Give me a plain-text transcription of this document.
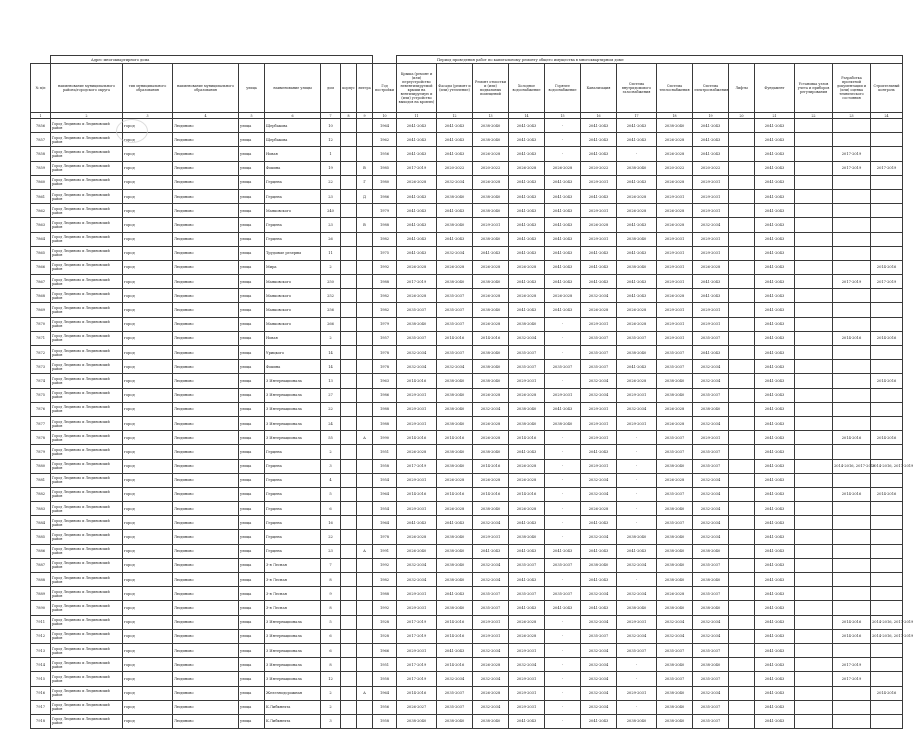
	Адрес многоквартирного дома									Период проведения работ по капитальному ремонту общего имущества в многоквартирном доме													
№ п/п	наименование муниципального района/городского округа	тип муниципального образования	наименование муниципального образования	улица	наименование улицы	дом	корпус	литера	Год постройки	Крыша (ремонт и (или) переустройство невентилируемой крыши на вентилируемую и (или) устройство выходов на кровлю)	Фасады (ремонт и (или) утепление)	Ремонт отмостки и (или) подвальных помещений	Холодное водоснабжение	Горячее водоснабжение	Канализация	Система внутридомового газоснабжения	Система теплоснабжения	Система электроснабжения	Лифты	Фундамент	Установка узлов учета и приборов регулирования	Разработка проектной документации и (или) оценка технического состояния	Строительный контроль
1	2	3	4	5	6	7	8	9	10	11	12	13	14	15	16	17	18	19	20	21	22	23	24
7856	Город Людиново и Людиновский район	город	Людиново	улица	Щербакова	10			1964	2041-2043	2041-2043	2038-2040	2041-2043	-	2041-2043	2041-2043	2038-2040	2041-2043		2041-2043			
7857	Город Людиново и Людиновский район	город	Людиново	улица	Щербакова	12			1962	2041-2043	2041-2043	2038-2040	2041-2043	-	2041-2043	2041-2043	2026-2028	2041-2043		2041-2043			
7858	Город Людиново и Людиновский район	город	Людиново	улица	Новая	1			1956	2041-2043	2041-2043	2026-2028	2041-2043	-	2041-2043	-	2026-2028	2041-2043		2041-2043		2017-2019	
7859	Город Людиново и Людиновский район	город	Людиново	улица	Фокина	19		В	1985	2017-2019	2020-2022	2020-2022	2026-2028	2026-2028	2020-2022	2038-2040	2020-2022	2020-2022		2041-2043		2017-2019	2017-2019
7860	Город Людиново и Людиновский район	город	Людиново	улица	Герцена	22		Г	1980	2026-2028	2032-2034	2026-2028	2041-2043	2041-2043	2029-2031	2041-2043	2026-2028	2029-2031		2041-2043			
7861	Город Людиново и Людиновский район	город	Людиново	улица	Герцена	23		Д	1986	2041-2043	2038-2040	2038-2040	2041-2043	2041-2043	2041-2043	2026-2028	2029-2031	2029-2031		2041-2043			
7862	Город Людиново и Людиновский район	город	Людиново	улица	Маяковского	240			1979	2041-2043	2041-2043	2038-2040	2041-2043	2041-2043	2029-2031	2026-2028	2026-2028	2029-2031		2041-2043			
7863	Город Людиново и Людиновский район	город	Людиново	улица	Герцена	23		В	1988	2041-2043	2038-2040	2029-2031	2041-2043	2041-2043	2026-2028	2041-2043	2026-2028	2032-2034		2041-2043			
7864	Город Людиново и Людиновский район	город	Людиново	улица	Герцена	26			1982	2041-2043	2041-2043	2038-2040	2041-2043	2041-2043	2029-2031	2038-2040	2029-2031	2029-2031		2041-2043			
7865	Город Людиново и Людиновский район	город	Людиново	улица	Трудовые резервы	11			1975	2041-2043	2032-2034	2041-2043	2041-2043	2041-2043	2041-2043	2041-2043	2029-2031	2029-2031		2041-2043			
7866	Город Людиново и Людиновский район	город	Людиново	улица	Мира	2			1992	2026-2028	2026-2028	2026-2028	2026-2028	2041-2043	2041-2043	2038-2040	2029-2031	2026-2028		2041-2043			2014-2016
7867	Город Людиново и Людиновский район	город	Людиново	улица	Маяковского	250			1988	2017-2019	2038-2040	2038-2040	2041-2043	2041-2043	2041-2043	2041-2043	2029-2031	2041-2043		2041-2043		2017-2019	2017-2019
7868	Город Людиново и Людиновский район	город	Людиново	улица	Маяковского	252			1982	2026-2028	2035-2037	2026-2028	2026-2028	2026-2028	2032-2034	2041-2043	2026-2028	2041-2043		2041-2043			
7869	Город Людиново и Людиновский район	город	Людиново	улица	Маяковского	256			1982	2035-2037	2035-2037	2038-2040	2041-2043	2041-2043	2026-2028	2026-2028	2029-2031	2029-2031		2041-2043			
7870	Город Людиново и Людиновский район	город	Людиново	улица	Маяковского	266			1979	2038-2040	2035-2037	2026-2028	2038-2040	-	2029-2031	2026-2028	2029-2031	2029-2031		2041-2043			
7871	Город Людиново и Людиновский район	город	Людиново	улица	Новая	2			1957	2035-2037	2014-2016	2014-2016	2032-2034	-	2035-2037	2035-2037	2029-2031	2035-2037		2041-2043		2014-2016	2014-2016
7872	Город Людиново и Людиновский район	город	Людиново	улица	Урицкого	14			1978	2032-2034	2035-2037	2038-2040	2035-2037	-	2035-2037	2038-2040	2035-2037	2041-2043		2041-2043			
7873	Город Людиново и Людиновский район	город	Людиново	улица	Фокина	14			1978	2032-2034	2032-2034	2038-2040	2035-2037	2035-2037	2035-2037	2041-2043	2035-2037	2032-2034		2041-2043			
7874	Город Людиново и Людиновский район	город	Людиново	улица	3 Интернационала	13			1963	2014-2016	2038-2040	2038-2040	2029-2031	-	2032-2034	2026-2028	2038-2040	2032-2034		2041-2043			2014-2016
7875	Город Людиново и Людиновский район	город	Людиново	улица	3 Интернационала	27			1986	2029-2031	2038-2040	2026-2028	2026-2028	2029-2031	2032-2034	2029-2031	2038-2040	2035-2037		2041-2043			
7876	Город Людиново и Людиновский район	город	Людиново	улица	3 Интернационала	22			1988	2029-2031	2038-2040	2032-2034	2038-2040	2041-2043	2029-2031	2032-2034	2026-2028	2038-2040		2041-2043			
7877	Город Людиново и Людиновский район	город	Людиново	улица	3 Интернационала	24			1988	2029-2031	2038-2040	2026-2028	2038-2040	2038-2040	2029-2031	2029-2031	2026-2028	2032-2034		2041-2043			
7878	Город Людиново и Людиновский район	город	Людиново	улица	3 Интернационала	55		А	1990	2014-2016	2014-2016	2026-2028	2014-2016	-	2029-2031	-	2035-2037	2029-2031		2041-2043		2014-2016	2014-2016
7879	Город Людиново и Людиновский район	город	Людиново	улица	Герцена	2			1951	2026-2028	2038-2040	2038-2040	2041-2043	-	2041-2043	-	2035-2037	2035-2037		2041-2043			
7880	Город Людиново и Людиновский район	город	Людиново	улица	Герцена	3			1958	2017-2019	2038-2040	2014-2016	2026-2028	-	2029-2031	-	2038-2040	2035-2037		2041-2043		2014-2016, 2017-2019	2014-2016, 2017-2019
7881	Город Людиново и Людиновский район	город	Людиново	улица	Герцена	4			1954	2029-2031	2026-2028	2026-2028	2026-2028	-	2032-2034	-	2026-2028	2032-2034		2041-2043			
7882	Город Людиново и Людиновский район	город	Людиново	улица	Герцена	5			1964	2014-2016	2014-2016	2014-2016	2014-2016	-	2032-2034	-	2035-2037	2032-2034		2041-2043		2014-2016	2014-2016
7883	Город Людиново и Людиновский район	город	Людиново	улица	Герцена	6			1954	2029-2031	2026-2028	2038-2040	2026-2028	-	2026-2028	-	2038-2040	2032-2034		2041-2043			
7884	Город Людиново и Людиновский район	город	Людиново	улица	Герцена	16			1964	2041-2043	2041-2043	2032-2034	2041-2043	-	2041-2043	-	2035-2037	2032-2034		2041-2043			
7885	Город Людиново и Людиновский район	город	Людиново	улица	Герцена	22			1978	2026-2028	2038-2040	2029-2031	2038-2040	-	2032-2034	2038-2040	2038-2040	2032-2034		2041-2043			
7886	Город Людиново и Людиновский район	город	Людиново	улица	Герцена	23		А	1991	2026-2040	2038-2040	2041-2043	2041-2043	2041-2043	2041-2043	2041-2043	2038-2040	2038-2040		2041-2043			
7887	Город Людиново и Людиновский район	город	Людиново	улица	3-я Лесная	7			1992	2032-2034	2038-2040	2032-2034	2035-2037	2035-2037	2038-2040	2032-2034	2038-2040	2035-2037		2041-2043			
7888	Город Людиново и Людиновский район	город	Людиново	улица	3-я Лесная	8			1982	2032-2034	2038-2040	2032-2034	2041-2043	-	2041-2043	-	2038-2040	2038-2040		2041-2043			
7889	Город Людиново и Людиновский район	город	Людиново	улица	3-я Лесная	9			1988	2029-2031	2041-2043	2035-2037	2035-2037	2035-2037	2032-2034	2032-2034	2026-2028	2035-2037		2041-2043			
7890	Город Людиново и Людиновский район	город	Людиново	улица	3-я Лесная	8			1992	2029-2031	2038-2040	2035-2037	2041-2043	2041-2043	2041-2043	2038-2040	2038-2040	2038-2040		2041-2043			
7911	Город Людиново и Людиновский район	город	Людиново	улица	3 Интернационала	5			1928	2017-2019	2014-2016	2029-2031	2026-2028	-	2032-2034	2029-2031	2032-2034	2032-2034		2041-2043		2014-2016	2014-2016, 2017-2019
7912	Город Людиново и Людиновский район	город	Людиново	улица	3 Интернационала	6			1928	2017-2019	2014-2016	2029-2031	2026-2028	-	2035-2037	2032-2034	2032-2034	2032-2034		2041-2043		2014-2016	2014-2016, 2017-2019
7913	Город Людиново и Людиновский район	город	Людиново	улица	3 Интернационала	6			1966	2029-2031	2041-2043	2032-2034	2029-2031	-	2032-2034	2035-2037	2035-2037	2035-2037		2041-2043			
7914	Город Людиново и Людиновский район	город	Людиново	улица	3 Интернационала	8			1951	2017-2019	2014-2016	2026-2028	2032-2034	-	2032-2034	-	2038-2040	2038-2040		2041-2043		2017-2019	
7915	Город Людиново и Людиновский район	город	Людиново	улица	3 Интернационала	12			1958	2017-2019	2032-2034	2032-2034	2029-2031	-	2032-2034	-	2035-2037	2035-2037		2041-2043		2017-2019	
7916	Город Людиново и Людиновский район	город	Людиново	улица	Железнодорожная	2		А	1964	2014-2016	2035-2037	2026-2028	2029-2031	-	2032-2034	2029-2031	2038-2040	2032-2034		2041-2043			2014-2016
7917	Город Людиново и Людиновский район	город	Людиново	улица	К.Либкнехта	2			1956	2026-2027	2035-2037	2032-2034	2029-2031	-	2032-2034	-	2038-2040	2035-2037		2041-2043			
7918	Город Людиново и Людиновский район	город	Людиново	улица	К.Либкнехта	3			1958	2038-2040	2038-2040	2038-2040	2041-2043	-	2041-2043	2038-2040	2038-2040	2035-2037		2041-2043			
